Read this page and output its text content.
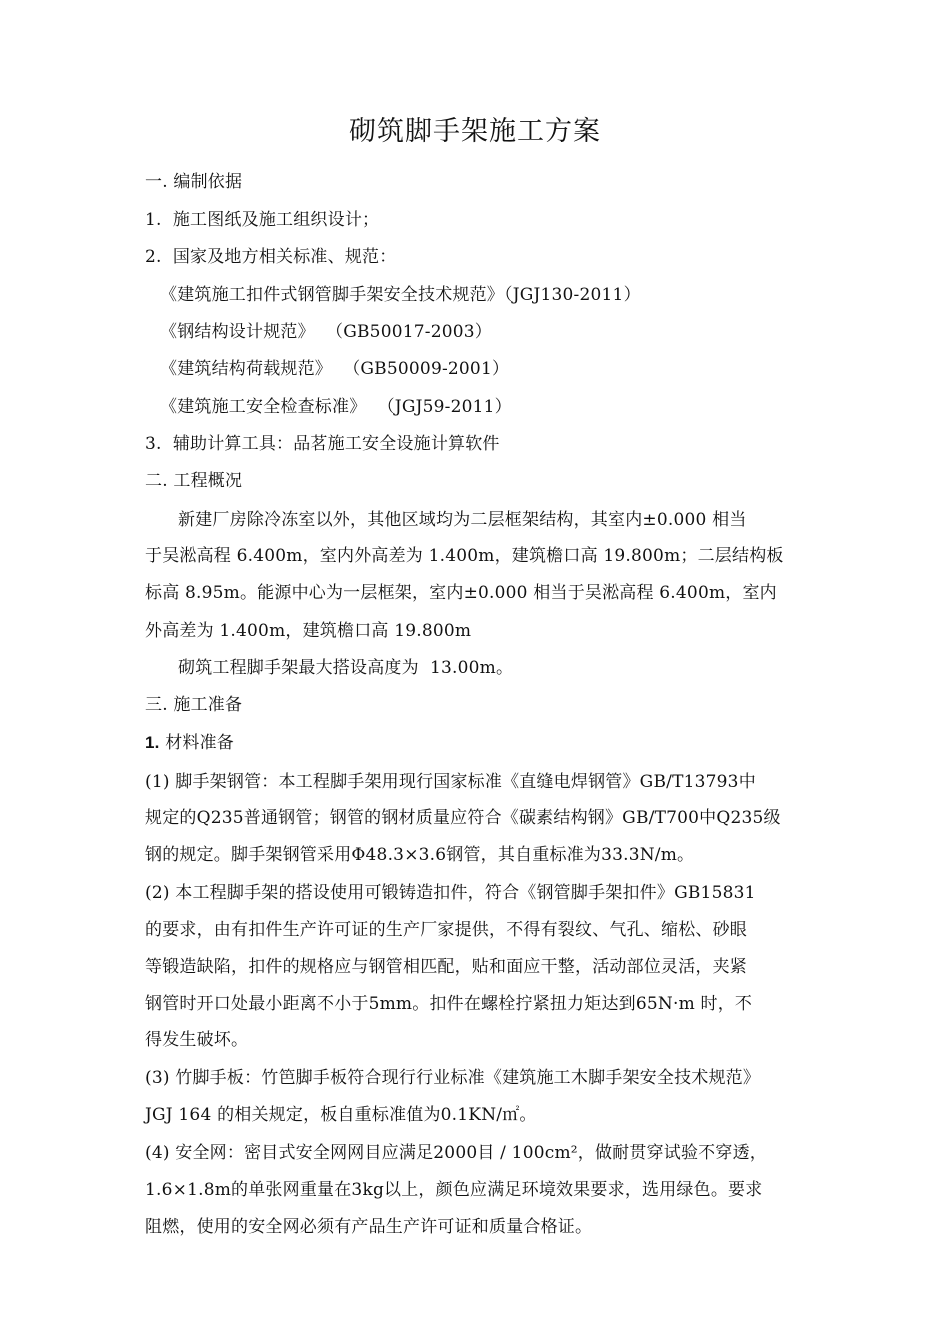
砌筑脚手架施工方案
一. 编制依据
1.  施工图纸及施工组织设计；
2.  国家及地方相关标准、规范：
《建筑施工扣件式钢管脚手架安全技术规范》（JGJ130-2011）
《钢结构设计规范》  （GB50017-2003）
《建筑结构荷载规范》  （GB50009-2001）
《建筑施工安全检查标准》  （JGJ59-2011）
3.  辅助计算工具：品茗施工安全设施计算软件
二. 工程概况
新建厂房除冷冻室以外，其他区域均为二层框架结构，其室内±0.000 相当
于吴淞高程 6.400m，室内外高差为 1.400m，建筑檐口高 19.800m；二层结构板
标高 8.95m。能源中心为一层框架，室内±0.000 相当于吴淞高程 6.400m，室内
外高差为 1.400m，建筑檐口高 19.800m
砌筑工程脚手架最大搭设高度为  13.00m。
三. 施工准备
1. 材料准备
(1) 脚手架钢管：本工程脚手架用现行国家标准《直缝电焊钢管》GB/T13793中
规定的Q235普通钢管；钢管的钢材质量应符合《碳素结构钢》GB/T700中Q235级
钢的规定。脚手架钢管采用Φ48.3×3.6钢管，其自重标准为33.3N/m。
(2) 本工程脚手架的搭设使用可锻铸造扣件，符合《钢管脚手架扣件》GB15831
的要求，由有扣件生产许可证的生产厂家提供，不得有裂纹、气孔、缩松、砂眼
等锻造缺陷，扣件的规格应与钢管相匹配，贴和面应干整，活动部位灵活，夹紧
钢管时开口处最小距离不小于5mm。扣件在螺栓拧紧扭力矩达到65N·m 时，不
得发生破坏。
(3) 竹脚手板：竹笆脚手板符合现行行业标准《建筑施工木脚手架安全技术规范》
JGJ 164 的相关规定，板自重标准值为0.1KN/㎡。
(4) 安全网：密目式安全网网目应满足2000目 / 100cm²，做耐贯穿试验不穿透，
1.6×1.8m的单张网重量在3kg以上，颜色应满足环境效果要求，选用绿色。要求
阻燃，使用的安全网必须有产品生产许可证和质量合格证。
